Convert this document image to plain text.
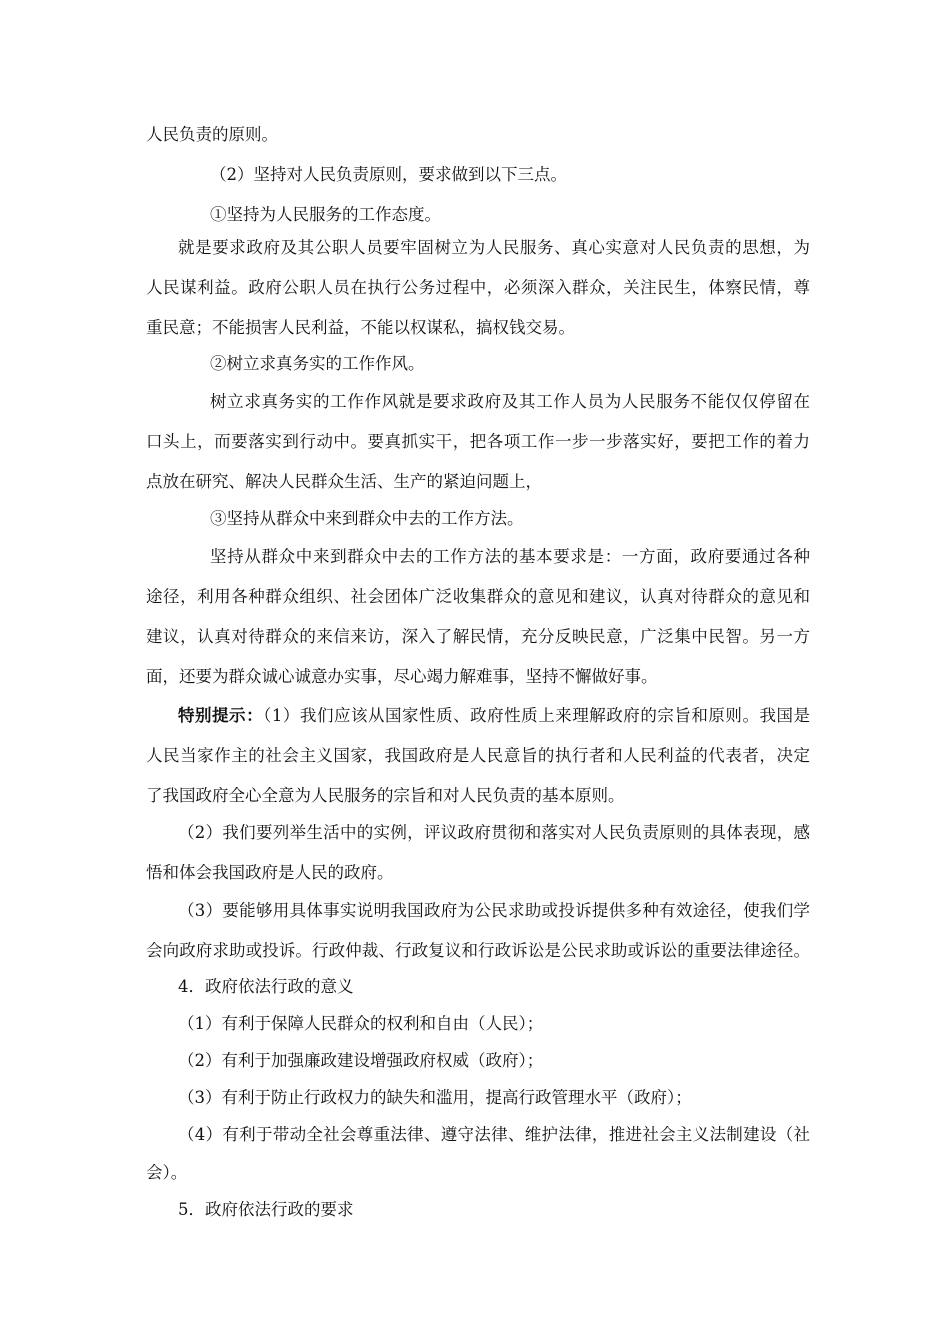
人民负责的原则。
（2）坚持对人民负责原则，要求做到以下三点。
①坚持为人民服务的工作态度。
就是要求政府及其公职人员要牢固树立为人民服务、真心实意对人民负责的思想，为
人民谋利益。政府公职人员在执行公务过程中，必须深入群众，关注民生，体察民情，尊
重民意；不能损害人民利益，不能以权谋私，搞权钱交易。
②树立求真务实的工作作风。
树立求真务实的工作作风就是要求政府及其工作人员为人民服务不能仅仅停留在
口头上，而要落实到行动中。要真抓实干，把各项工作一步一步落实好，要把工作的着力
点放在研究、解决人民群众生活、生产的紧迫问题上，
③坚持从群众中来到群众中去的工作方法。
坚持从群众中来到群众中去的工作方法的基本要求是：一方面，政府要通过各种
途径，利用各种群众组织、社会团体广泛收集群众的意见和建议，认真对待群众的意见和
建议，认真对待群众的来信来访，深入了解民情，充分反映民意，广泛集中民智。另一方
面，还要为群众诚心诚意办实事，尽心竭力解难事，坚持不懈做好事。
特别提示：（1）我们应该从国家性质、政府性质上来理解政府的宗旨和原则。我国是
人民当家作主的社会主义国家，我国政府是人民意旨的执行者和人民利益的代表者，决定
了我国政府全心全意为人民服务的宗旨和对人民负责的基本原则。
（2）我们要列举生活中的实例，评议政府贯彻和落实对人民负责原则的具体表现，感
悟和体会我国政府是人民的政府。
（3）要能够用具体事实说明我国政府为公民求助或投诉提供多种有效途径，使我们学
会向政府求助或投诉。行政仲裁、行政复议和行政诉讼是公民求助或诉讼的重要法律途径。
4．政府依法行政的意义
（1）有利于保障人民群众的权利和自由（人民）；
（2）有利于加强廉政建设增强政府权威（政府）；
（3）有利于防止行政权力的缺失和滥用，提高行政管理水平（政府）；
（4）有利于带动全社会尊重法律、遵守法律、维护法律，推进社会主义法制建设（社
会）。
5．政府依法行政的要求
